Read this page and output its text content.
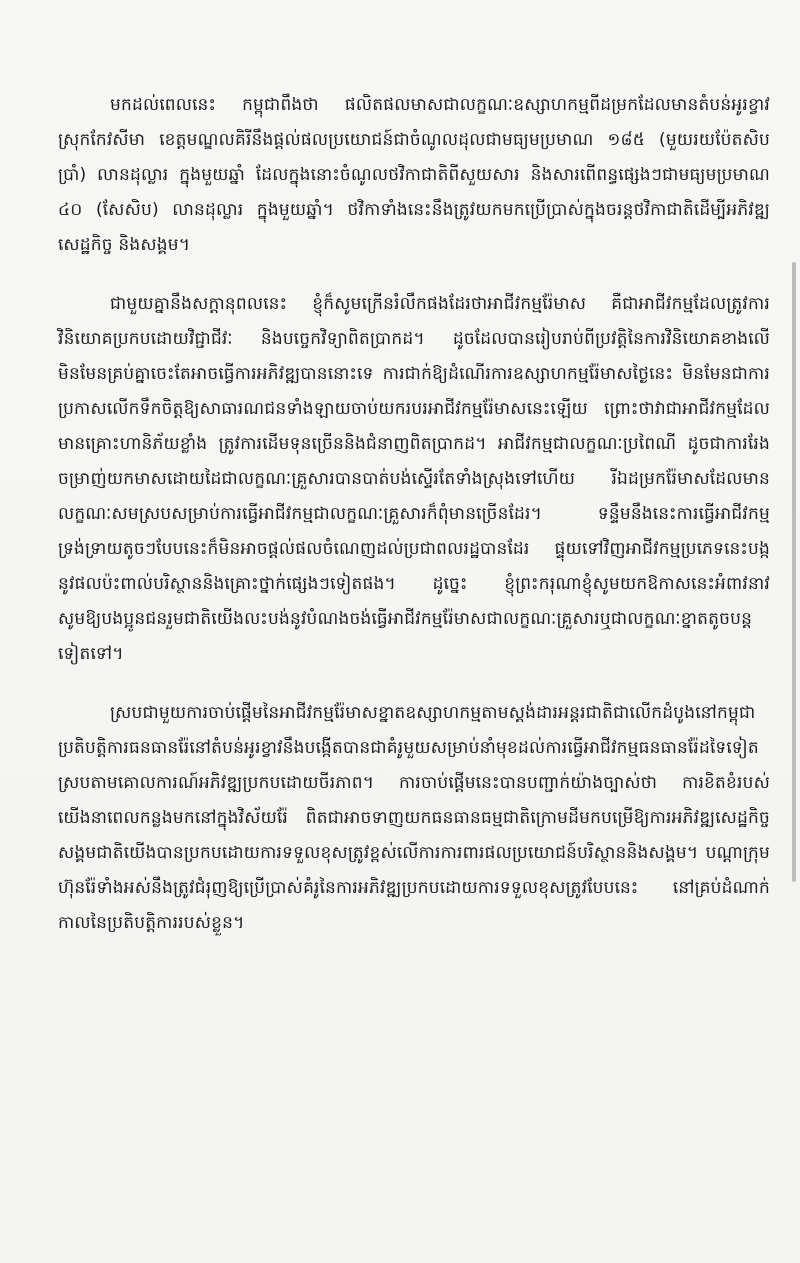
មកដល់ពេលនេះ កម្ពុជាពឹងថា ផលិតផលមាសជាលក្ខណៈឧស្សាហកម្មពីដម្រកដែលមានតំបន់អូរខ្វាវ ស្រុកកែវសីមា ខេត្តមណ្ឌលគិរីនឹងផ្តល់ផលប្រយោជន៍ជាចំណូលដុលជាមធ្យមប្រមាណ ១៨៥ (មួយរយប៉ែតសិបប្រាំ) លានដុល្លារ ក្នុងមួយឆ្នាំ ដែលក្នុងនោះចំណូលថវិកាជាតិពីសួយសារ និងសារពើពន្ធផ្សេងៗជាមធ្យមប្រមាណ ៤០ (សែសិប) លានដុល្លារ ក្នុងមួយឆ្នាំ។ ថវិកាទាំងនេះនឹងត្រូវយកមកប្រើប្រាស់ក្នុងចរន្តថវិកាជាតិដើម្បីអភិវឌ្ឍសេដ្ឋកិច្ច និងសង្គម។

ជាមួយគ្នានឹងសក្តានុពលនេះ ខ្ញុំក៏សូមក្រើនរំលឹកផងដែរថាអាជីវកម្មរ៉ែមាស គឺជាអាជីវកម្មដែលត្រូវការវិនិយោគប្រកបដោយវិជ្ជាជីវៈ និងបច្ចេកវិទ្យាពិតប្រាកដ។ ដូចដែលបានរៀបរាប់ពីប្រវត្តិនៃការវិនិយោគខាងលើ មិនមែនគ្រប់គ្នាចេះតែអាចធ្វើការអភិវឌ្ឍបាននោះទេ ការជាក់ឱ្យដំណើរការឧស្សាហកម្មរ៉ែមាសថ្ងៃនេះ មិនមែនជាការប្រកាសលើកទឹកចិត្តឱ្យសាធារណជនទាំងឡាយចាប់យករបរអាជីវកម្មរ៉ែមាសនេះឡើយ ព្រោះថាវាជាអាជីវកម្មដែលមានគ្រោះហានិភ័យខ្លាំង ត្រូវការដើមទុនច្រើននិងជំនាញពិតប្រាកដ។ អាជីវកម្មជាលក្ខណៈប្រពៃណី ដូចជាការរែង ចម្រាញ់យកមាសដោយដៃជាលក្ខណៈគ្រួសារបានបាត់បង់ស្ទើរតែទាំងស្រុងទៅហើយ រីឯដម្រករ៉ែមាសដែលមានលក្ខណៈសមស្របសម្រាប់ការធ្វើអាជីវកម្មជាលក្ខណៈគ្រួសារក៏ពុំមានច្រើនដែរ។ ទន្ទឹមនឹងនេះការធ្វើអាជីវកម្មទ្រង់ទ្រាយតូចៗបែបនេះក៏មិនអាចផ្តល់ផលចំណេញដល់ប្រជាពលរដ្ឋបានដែរ ផ្ទុយទៅវិញអាជីវកម្មប្រភេទនេះបង្កនូវផលប៉ះពាល់បរិស្ថាននិងគ្រោះថ្នាក់ផ្សេងៗទៀតផង។ ដូច្នេះ ខ្ញុំព្រះករុណាខ្ញុំសូមយកឱកាសនេះអំពាវនាវ សូមឱ្យបងប្អូនជនរួមជាតិយើងលះបង់នូវបំណងចង់ធ្វើអាជីវកម្មរ៉ែមាសជាលក្ខណៈគ្រួសារឬជាលក្ខណៈខ្នាតតូចបន្តទៀតទៅ។

ស្របជាមួយការចាប់ផ្តើមនៃអាជីវកម្មរ៉ែមាសខ្នាតឧស្សាហកម្មតាមស្តង់ដារអន្តរជាតិជាលើកដំបូងនៅកម្ពុជា ប្រតិបត្តិការធនធានរ៉ែនៅតំបន់អូរខ្វាវនឹងបង្កើតបានជាគំរូមួយសម្រាប់នាំមុខដល់ការធ្វើអាជីវកម្មធនធានរ៉ែដទៃទៀត ស្របតាមគោលការណ៍អភិវឌ្ឍប្រកបដោយចីរភាព។ ការចាប់ផ្តើមនេះបានបញ្ជាក់យ៉ាងច្បាស់ថា ការខិតខំរបស់យើងនាពេលកន្លងមកនៅក្នុងវិស័យរ៉ែ ពិតជាអាចទាញយកធនធានធម្មជាតិក្រោមដីមកបម្រើឱ្យការអភិវឌ្ឍសេដ្ឋកិច្ចសង្គមជាតិយើងបានប្រកបដោយការទទួលខុសត្រូវខ្ពស់លើការការពារផលប្រយោជន៍បរិស្ថាននិងសង្គម។ បណ្តាក្រុមហ៊ុនរ៉ែទាំងអស់នឹងត្រូវជំរុញឱ្យប្រើប្រាស់គំរូនៃការអភិវឌ្ឍប្រកបដោយការទទួលខុសត្រូវបែបនេះ នៅគ្រប់ដំណាក់កាលនៃប្រតិបត្តិការរបស់ខ្លួន។
